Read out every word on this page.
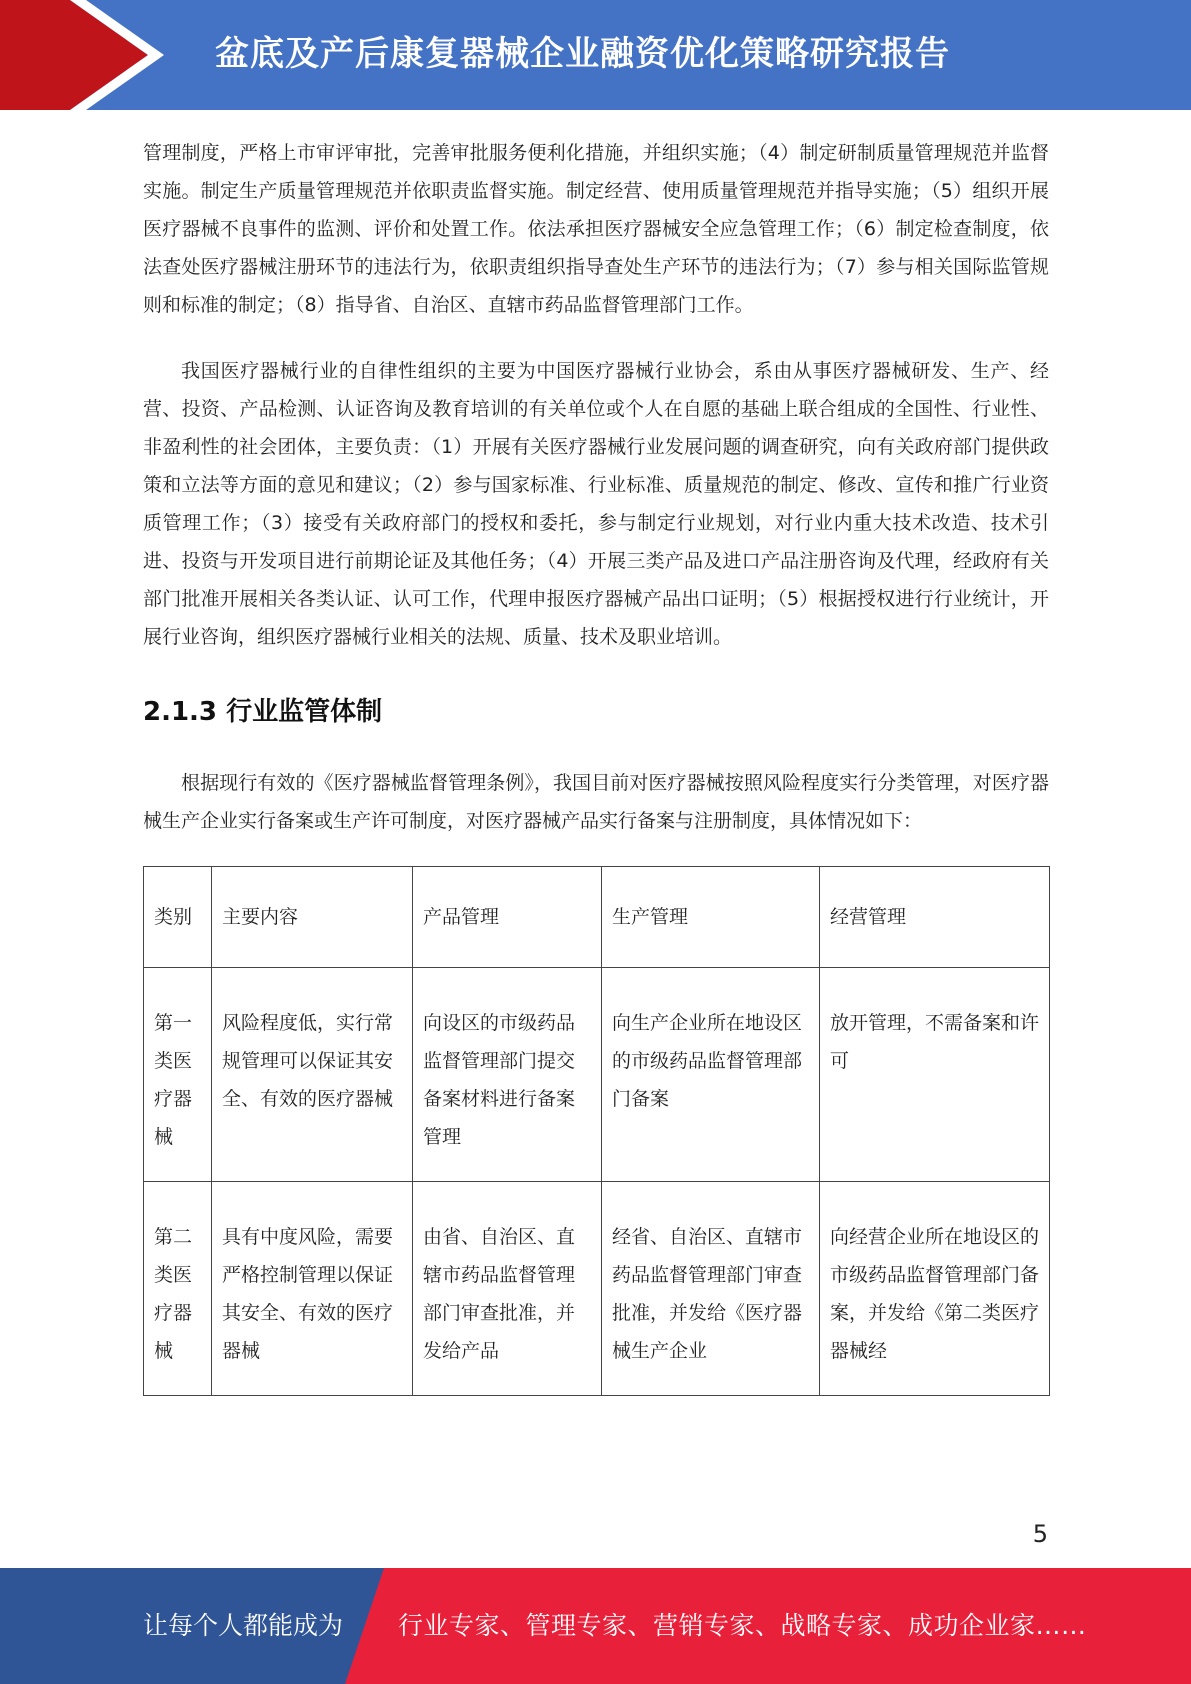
盆底及产后康复器械企业融资优化策略研究报告

管理制度，严格上市审评审批，完善审批服务便利化措施，并组织实施；（4）制定研制质量管理规范并监督实施。制定生产质量管理规范并依职责监督实施。制定经营、使用质量管理规范并指导实施；（5）组织开展医疗器械不良事件的监测、评价和处置工作。依法承担医疗器械安全应急管理工作；（6）制定检查制度，依法查处医疗器械注册环节的违法行为，依职责组织指导查处生产环节的违法行为；（7）参与相关国际监管规则和标准的制定；（8）指导省、自治区、直辖市药品监督管理部门工作。

我国医疗器械行业的自律性组织的主要为中国医疗器械行业协会，系由从事医疗器械研发、生产、经营、投资、产品检测、认证咨询及教育培训的有关单位或个人在自愿的基础上联合组成的全国性、行业性、非盈利性的社会团体，主要负责：（1）开展有关医疗器械行业发展问题的调查研究，向有关政府部门提供政策和立法等方面的意见和建议；（2）参与国家标准、行业标准、质量规范的制定、修改、宣传和推广行业资质管理工作；（3）接受有关政府部门的授权和委托，参与制定行业规划，对行业内重大技术改造、技术引进、投资与开发项目进行前期论证及其他任务；（4）开展三类产品及进口产品注册咨询及代理，经政府有关部门批准开展相关各类认证、认可工作，代理申报医疗器械产品出口证明；（5）根据授权进行行业统计，开展行业咨询，组织医疗器械行业相关的法规、质量、技术及职业培训。

2.1.3 行业监管体制

根据现行有效的《医疗器械监督管理条例》，我国目前对医疗器械按照风险程度实行分类管理，对医疗器械生产企业实行备案或生产许可制度，对医疗器械产品实行备案与注册制度，具体情况如下：

类别	主要内容	产品管理	生产管理	经营管理

第一类医疗器械	风险程度低，实行常规管理可以保证其安全、有效的医疗器械	向设区的市级药品监督管理部门提交备案材料进行备案管理	向生产企业所在地设区的市级药品监督管理部门备案	放开管理，不需备案和许可

第二类医疗器械	具有中度风险，需要严格控制管理以保证其安全、有效的医疗器械	由省、自治区、直辖市药品监督管理部门审查批准，并发给产品	经省、自治区、直辖市药品监督管理部门审查批准，并发给《医疗器械生产企业	向经营企业所在地设区的市级药品监督管理部门备案，并发给《第二类医疗器械经
5
让每个人都能成为 行业专家、管理专家、营销专家、战略专家、成功企业家……
